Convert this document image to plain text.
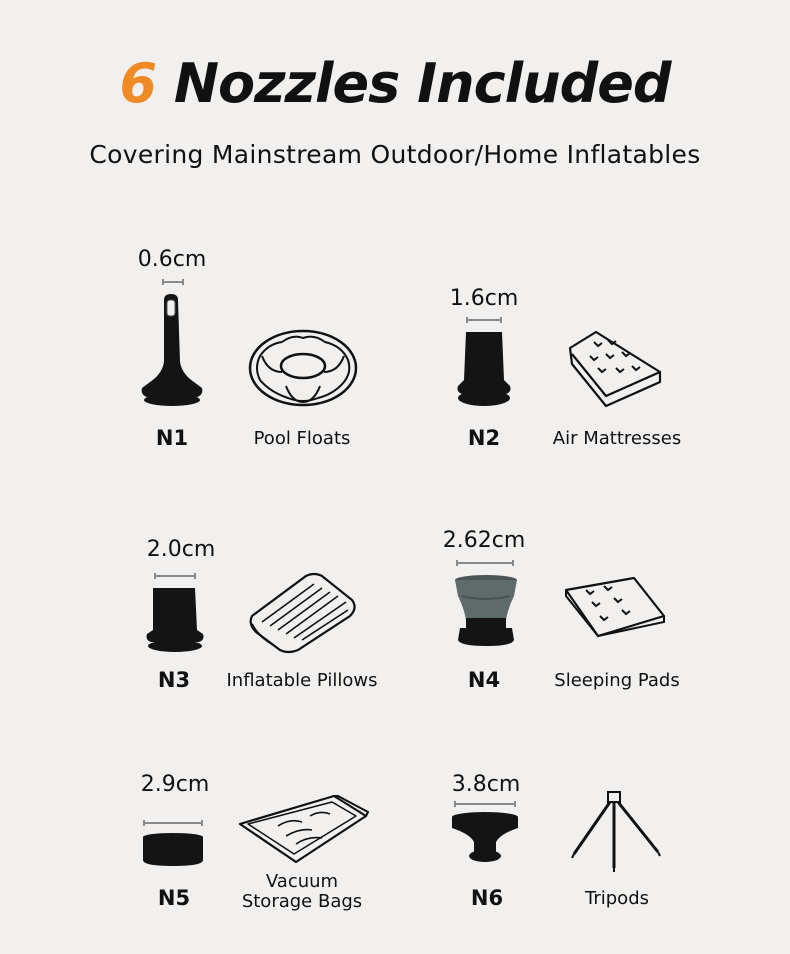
6 Nozzles Included
Covering Mainstream Outdoor/Home Inflatables
0.6cm
N1	Pool Floats
1.6cm
N2	Air Mattresses
2.0cm
N3	Inflatable Pillows
2.62cm
N4	Sleeping Pads
2.9cm
N5
Vacuum
Storage Bags
3.8cm
N6	Tripods
